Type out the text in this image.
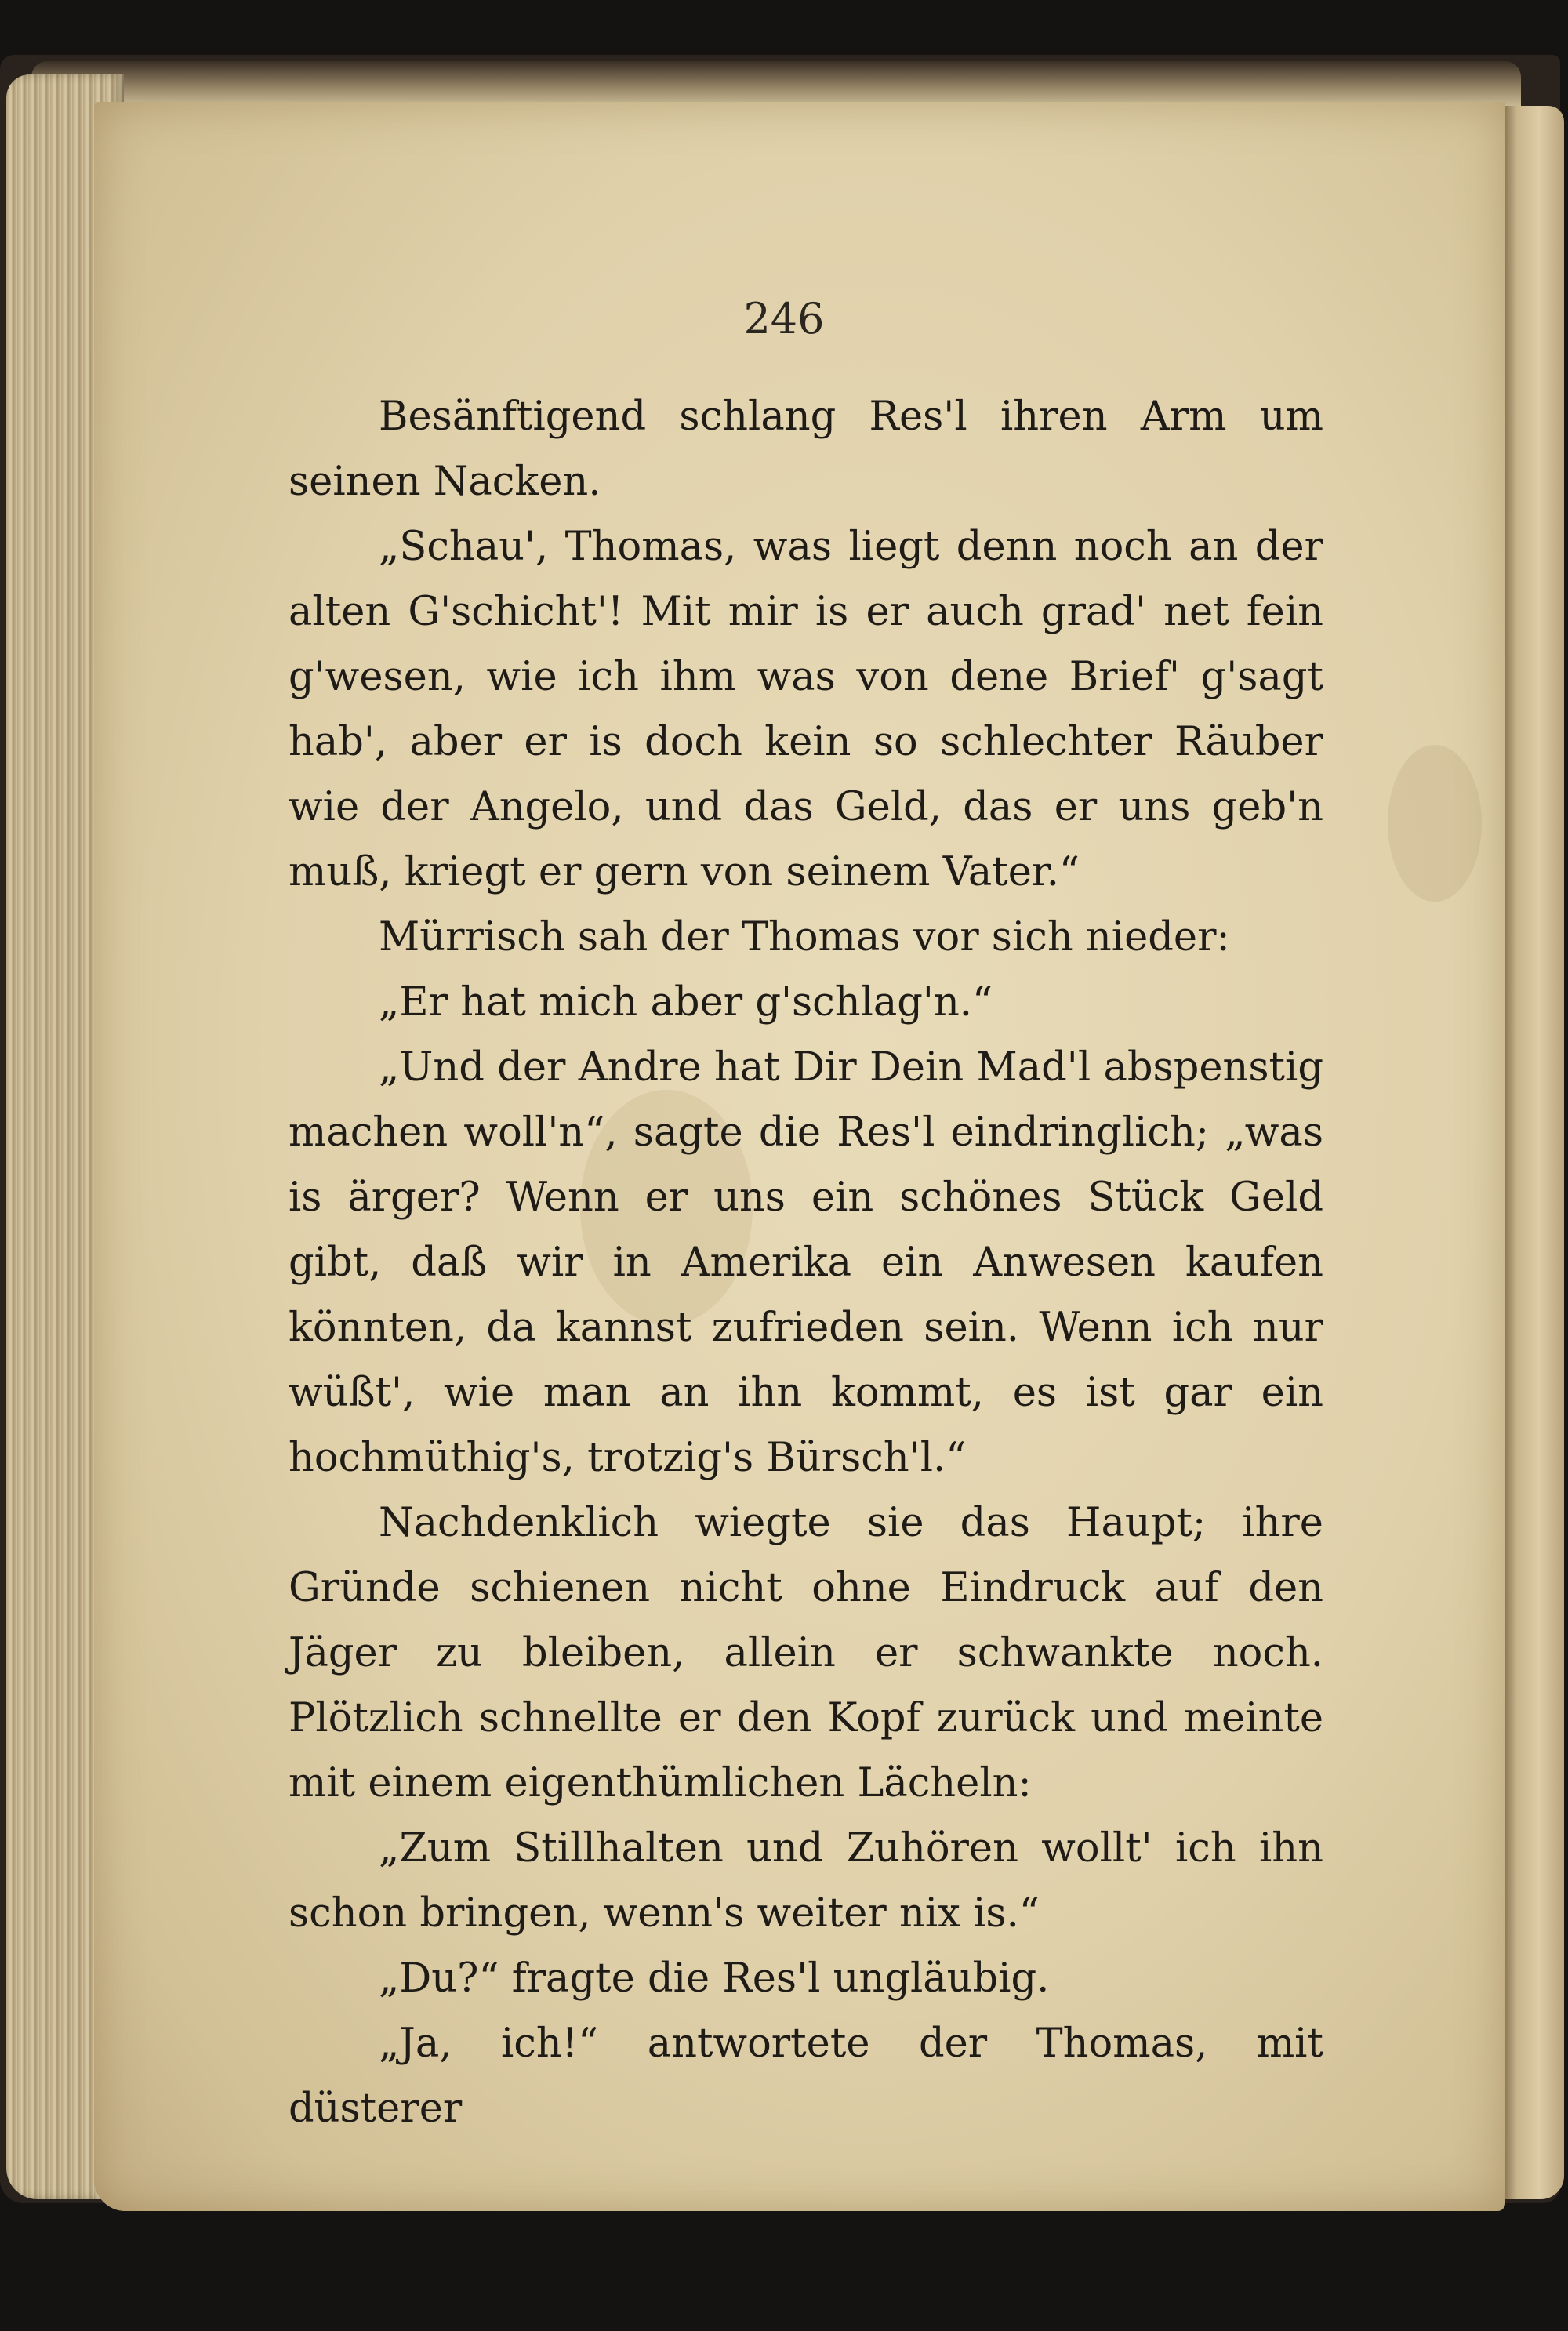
246

Besänftigend schlang Res'l ihren Arm um seinen Nacken.

„Schau', Thomas, was liegt denn noch an der alten G'schicht'! Mit mir is er auch grad' net fein g'wesen, wie ich ihm was von dene Brief' g'sagt hab', aber er is doch kein so schlechter Räuber wie der Angelo, und das Geld, das er uns geb'n muß, kriegt er gern von seinem Vater.“

Mürrisch sah der Thomas vor sich nieder:

„Er hat mich aber g'schlag'n.“

„Und der Andre hat Dir Dein Mad'l abspenstig machen woll'n“, sagte die Res'l eindringlich; „was is ärger? Wenn er uns ein schönes Stück Geld gibt, daß wir in Amerika ein Anwesen kaufen könnten, da kannst zufrieden sein. Wenn ich nur wüßt', wie man an ihn kommt, es ist gar ein hochmüthig's, trotzig's Bürsch'l.“

Nachdenklich wiegte sie das Haupt; ihre Gründe schienen nicht ohne Eindruck auf den Jäger zu bleiben, allein er schwankte noch. Plötzlich schnellte er den Kopf zurück und meinte mit einem eigenthümlichen Lächeln:

„Zum Stillhalten und Zuhören wollt' ich ihn schon bringen, wenn's weiter nix is.“

„Du?“ fragte die Res'l ungläubig.

„Ja, ich!“ antwortete der Thomas, mit düsterer
